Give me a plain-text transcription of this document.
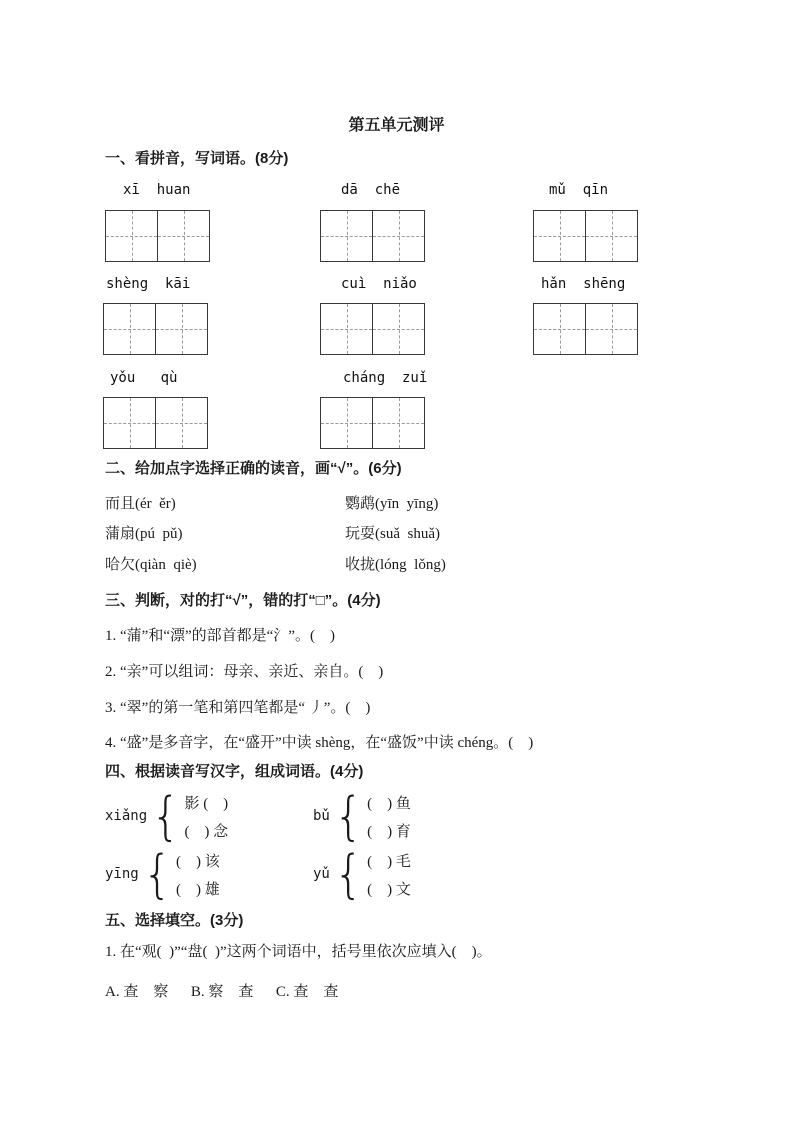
第五单元测评
一、看拼音，写词语。(8分)
xī  huan	dā  chē	mǔ  qīn
shèng  kāi	cuì  niǎo	hǎn  shēng
yǒu   qù	cháng  zuǐ
二、给加点字选择正确的读音，画“√”。(6分)
而且(ér  ěr)	鹦鹉(yīn  yīng)
蒲扇(pú  pǔ)	玩耍(suǎ  shuǎ)
哈欠(qiàn  qiè)	收拢(lóng  lǒng)
三、判断，对的打“√”，错的打“□”。(4分)
1. “蒲”和“漂”的部首都是“氵”。(    )
2. “亲”可以组词：母亲、亲近、亲自。(    )
3. “翠”的第一笔和第四笔都是“ 丿”。(    )
4. “盛”是多音字，在“盛开”中读 shèng，在“盛饭”中读 chéng。(    )
四、根据读音写汉字，组成词语。(4分)
xiǎng { 影 (    )
(    ) 念
bǔ { (    ) 鱼
(    ) 育
yīng { (    ) 该
(    ) 雄
yǔ { (    ) 毛
(    ) 文
五、选择填空。(3分)
1. 在“观(  )”“盘(  )”这两个词语中，括号里依次应填入(    )。
A. 查    察      B. 察    查      C. 查    查
